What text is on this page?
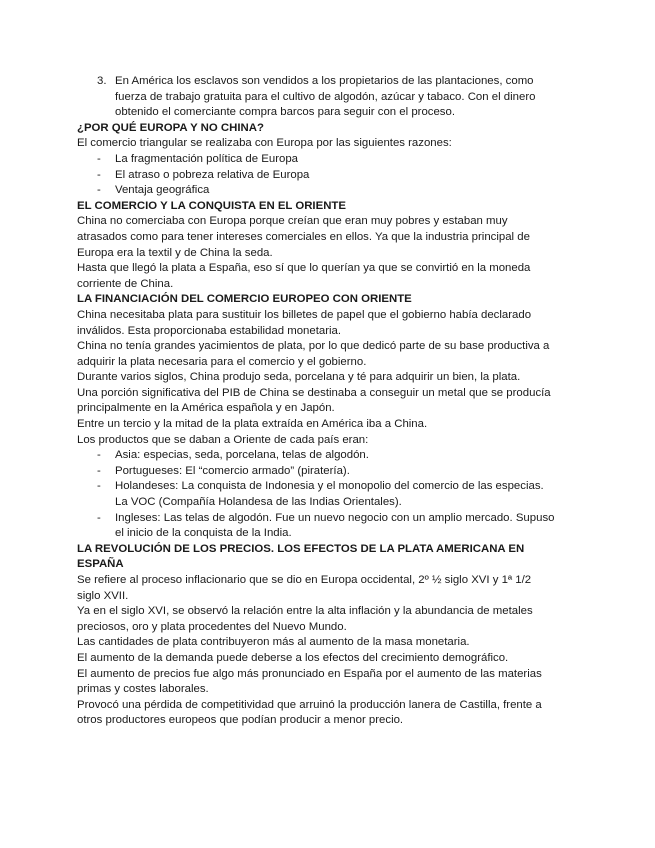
3. En América los esclavos son vendidos a los propietarios de las plantaciones, como fuerza de trabajo gratuita para el cultivo de algodón, azúcar y tabaco. Con el dinero obtenido el comerciante compra barcos para seguir con el proceso.

¿POR QUÉ EUROPA Y NO CHINA?

El comercio triangular se realizaba con Europa por las siguientes razones:

-	La fragmentación política de Europa
-	El atraso o pobreza relativa de Europa
-	Ventaja geográfica

EL COMERCIO Y LA CONQUISTA EN EL ORIENTE

China no comerciaba con Europa porque creían que eran muy pobres y estaban muy atrasados como para tener intereses comerciales en ellos. Ya que la industria principal de Europa era la textil y de China la seda.

Hasta que llegó la plata a España, eso sí que lo querían ya que se convirtió en la moneda corriente de China.

LA FINANCIACIÓN DEL COMERCIO EUROPEO CON ORIENTE

China necesitaba plata para sustituir los billetes de papel que el gobierno había declarado inválidos. Esta proporcionaba estabilidad monetaria.

China no tenía grandes yacimientos de plata, por lo que dedicó parte de su base productiva a adquirir la plata necesaria para el comercio y el gobierno.

Durante varios siglos, China produjo seda, porcelana y té para adquirir un bien, la plata.

Una porción significativa del PIB de China se destinaba a conseguir un metal que se producía principalmente en la América española y en Japón.

Entre un tercio y la mitad de la plata extraída en América iba a China.

Los productos que se daban a Oriente de cada país eran:

-	Asia: especias, seda, porcelana, telas de algodón.
-	Portugueses: El “comercio armado” (piratería).
-	Holandeses: La conquista de Indonesia y el monopolio del comercio de las especias. La VOC (Compañía Holandesa de las Indias Orientales).
-	Ingleses: Las telas de algodón. Fue un nuevo negocio con un amplio mercado. Supuso el inicio de la conquista de la India.

LA REVOLUCIÓN DE LOS PRECIOS. LOS EFECTOS DE LA PLATA AMERICANA EN ESPAÑA

Se refiere al proceso inflacionario que se dio en Europa occidental, 2º ½ siglo XVI y 1ª 1/2 siglo XVII.

Ya en el siglo XVI, se observó la relación entre la alta inflación y la abundancia de metales preciosos, oro y plata procedentes del Nuevo Mundo.

Las cantidades de plata contribuyeron más al aumento de la masa monetaria.

El aumento de la demanda puede deberse a los efectos del crecimiento demográfico.

El aumento de precios fue algo más pronunciado en España por el aumento de las materias primas y costes laborales.

Provocó una pérdida de competitividad que arruinó la producción lanera de Castilla, frente a otros productores europeos que podían producir a menor precio.
